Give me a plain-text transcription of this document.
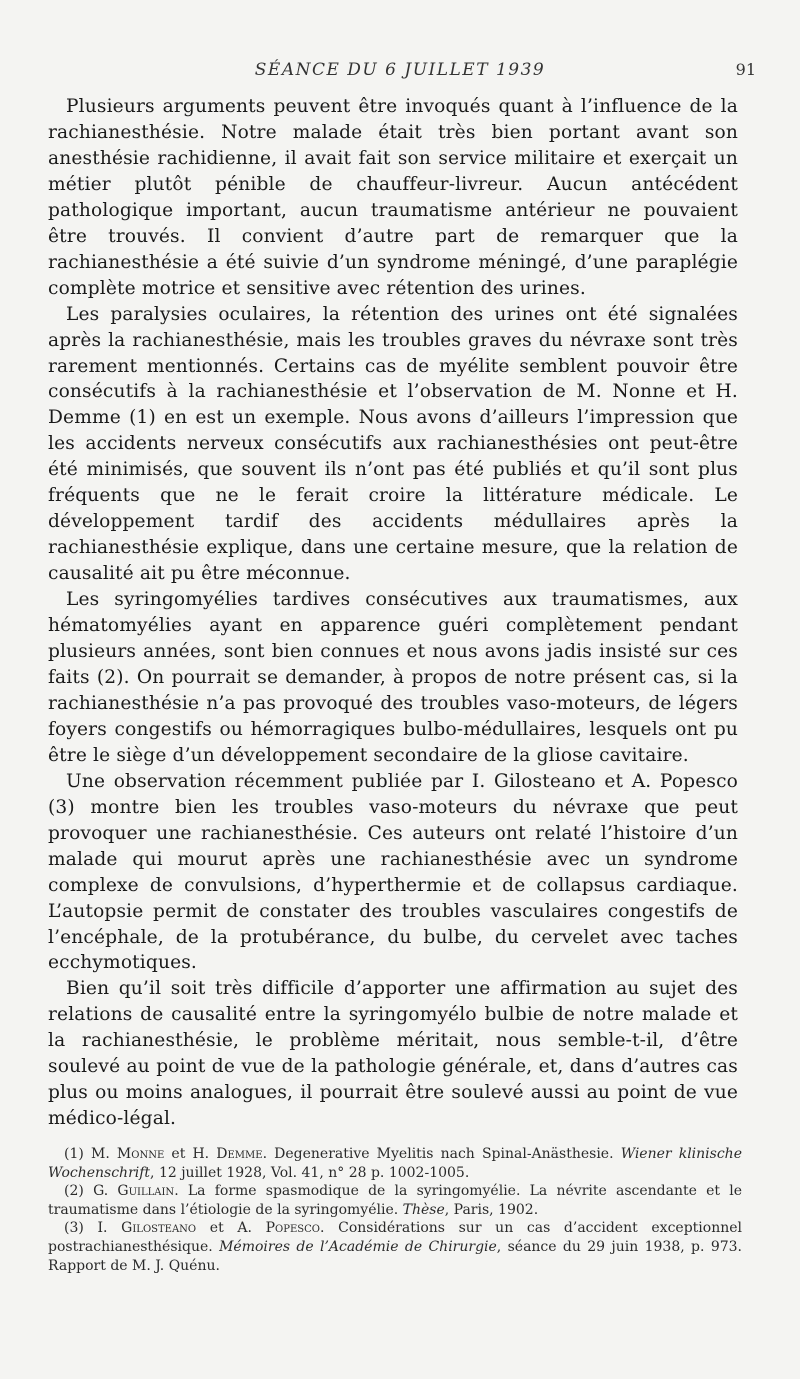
SÉANCE DU 6 JUILLET 1939	91

Plusieurs arguments peuvent être invoqués quant à l’influence de la rachianesthésie. Notre malade était très bien portant avant son anesthésie rachidienne, il avait fait son service militaire et exerçait un métier plutôt pénible de chauffeur-livreur. Aucun antécédent pathologique important, aucun traumatisme antérieur ne pouvaient être trouvés. Il convient d’autre part de remarquer que la rachianesthésie a été suivie d’un syndrome méningé, d’une paraplégie complète motrice et sensitive avec rétention des urines.

Les paralysies oculaires, la rétention des urines ont été signalées après la rachianesthésie, mais les troubles graves du névraxe sont très rarement mentionnés. Certains cas de myélite semblent pouvoir être consécutifs à la rachianesthésie et l’observation de M. Nonne et H. Demme (1) en est un exemple. Nous avons d’ailleurs l’impression que les accidents nerveux consécutifs aux rachianesthésies ont peut-être été minimisés, que souvent ils n’ont pas été publiés et qu’il sont plus fréquents que ne le ferait croire la littérature médicale. Le développement tardif des accidents médullaires après la rachianesthésie explique, dans une certaine mesure, que la relation de causalité ait pu être méconnue.

Les syringomyélies tardives consécutives aux traumatismes, aux hématomyélies ayant en apparence guéri complètement pendant plusieurs années, sont bien connues et nous avons jadis insisté sur ces faits (2). On pourrait se demander, à propos de notre présent cas, si la rachianesthésie n’a pas provoqué des troubles vaso-moteurs, de légers foyers congestifs ou hémorragiques bulbo-médullaires, lesquels ont pu être le siège d’un développement secondaire de la gliose cavitaire.

Une observation récemment publiée par I. Gilosteano et A. Popesco (3) montre bien les troubles vaso-moteurs du névraxe que peut provoquer une rachianesthésie. Ces auteurs ont relaté l’histoire d’un malade qui mourut après une rachianesthésie avec un syndrome complexe de convulsions, d’hyperthermie et de collapsus cardiaque. L’autopsie permit de constater des troubles vasculaires congestifs de l’encéphale, de la protubérance, du bulbe, du cervelet avec taches ecchymotiques.

Bien qu’il soit très difficile d’apporter une affirmation au sujet des relations de causalité entre la syringomyélo bulbie de notre malade et la rachianesthésie, le problème méritait, nous semble-t-il, d’être soulevé au point de vue de la pathologie générale, et, dans d’autres cas plus ou moins analogues, il pourrait être soulevé aussi au point de vue médico-légal.

(1) M. Monne et H. Demme. Degenerative Myelitis nach Spinal-Anästhesie. Wiener klinische Wochenschrift, 12 juillet 1928, Vol. 41, n° 28 p. 1002-1005.

(2) G. Guillain. La forme spasmodique de la syringomyélie. La névrite ascendante et le traumatisme dans l’étiologie de la syringomyélie. Thèse, Paris, 1902.

(3) I. Gilosteano et A. Popesco. Considérations sur un cas d’accident exceptionnel postrachianesthésique. Mémoires de l’Académie de Chirurgie, séance du 29 juin 1938, p. 973. Rapport de M. J. Quénu.
